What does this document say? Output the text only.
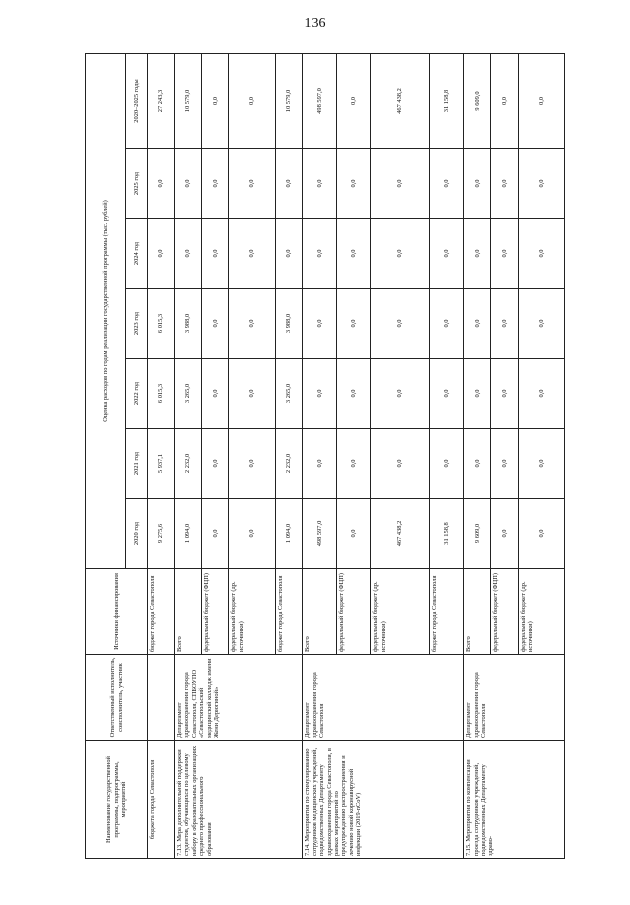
136
Наименование государственной программы, подпрограммы, мероприятий	Ответственный исполнитель, соисполнитель, участник	Источники финансирования	Оценка расходов по годам реализации государственной программы (тыс. рублей)						
			2020 год	2021 год	2022 год	2023 год	2024 год	2025 год	2020–2025 годы
бюджета города Севастополя		бюджет города Севастополя	9 275,6	5 937,1	6 015,3	6 015,3	0,0	0,0	27 243,3
7.13. Мера дополнительной поддержки студентов, обучающихся по целевому набору в образовательных организациях среднего профессионального образования	Департамент здравоохранения города Севастополя, СПБОУПО «Севастопольский медицинский колледж имени Жени Дерюгиной»	Всего	1 094,0	2 232,0	3 265,0	3 988,0	0,0	0,0	10 579,0
		федеральный бюджет (ФЦП)	0,0	0,0	0,0	0,0	0,0	0,0	0,0
		федеральный бюджет (др. источники)	0,0	0,0	0,0	0,0	0,0	0,0	0,0
		бюджет города Севастополя	1 094,0	2 232,0	3 265,0	3 988,0	0,0	0,0	10 579,0
7.14. Мероприятия по стимулированию сотрудников медицинских учреждений, подведомственных Департаменту здравоохранения города Севастополя, в рамках мероприятий по предупреждению распространения и лечению новой коронавирусной инфекции (2019-nCoV)	Департамент здравоохранения города Севастополя	Всего	498 597,0	0,0	0,0	0,0	0,0	0,0	498 597,0
		федеральный бюджет (ФЦП)	0,0	0,0	0,0	0,0	0,0	0,0	0,0
		федеральный бюджет (др. источники)	467 438,2	0,0	0,0	0,0	0,0	0,0	467 438,2
		бюджет города Севастополя	31 158,8	0,0	0,0	0,0	0,0	0,0	31 158,8
7.15. Мероприятия по компенсации проезда сотрудников учреждений, подведомственных Департаменту здраво-	Департамент здравоохранения города Севастополя	Всего	9 609,0	0,0	0,0	0,0	0,0	0,0	9 609,0
		федеральный бюджет (ФЦП)	0,0	0,0	0,0	0,0	0,0	0,0	0,0
		федеральный бюджет (др. источники)	0,0	0,0	0,0	0,0	0,0	0,0	0,0
